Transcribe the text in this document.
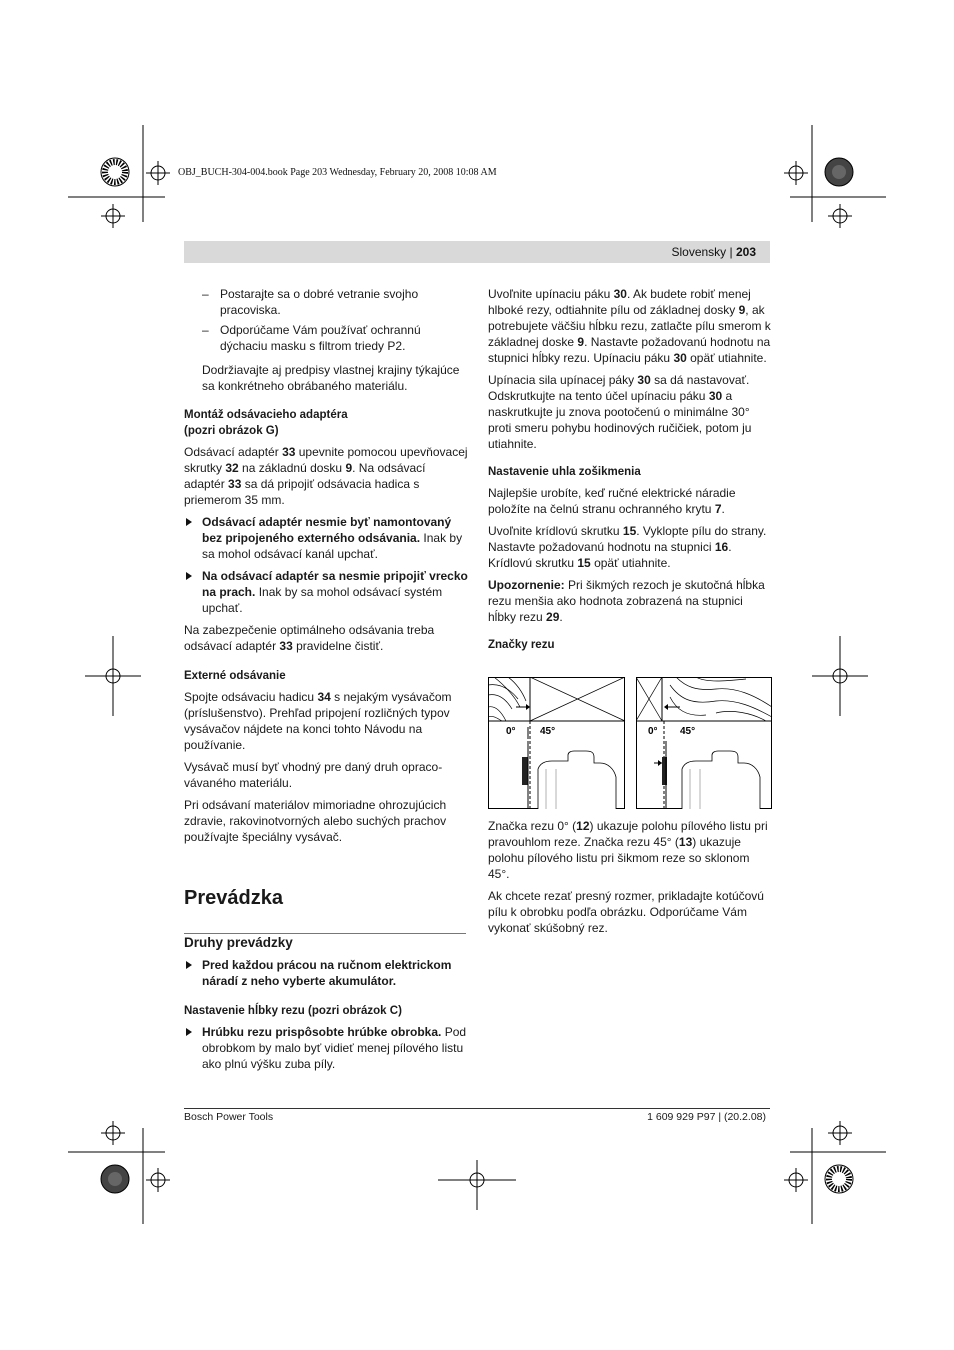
OBJ_BUCH-304-004.book Page 203 Wednesday, February 20, 2008 10:08 AM
Slovensky | 203
– Postarajte sa o dobré vetranie svojho pracoviska.
– Odporúčame Vám používať ochrannú dýchaciu masku s filtrom triedy P2.

Dodržiavajte aj predpisy vlastnej krajiny týkajúce sa konkrétneho obrábaného materiálu.

Montáž odsávacieho adaptéra
(pozri obrázok G)

Odsávací adaptér 33 upevnite pomocou upevňovacej skrutky 32 na základnú dosku 9. Na odsávací adaptér 33 sa dá pripojiť odsávacia hadica s priemerom 35 mm.

Odsávací adaptér nesmie byť namontovaný bez pripojeného externého odsávania. Inak by sa mohol odsávací kanál upchať.
Na odsávací adaptér sa nesmie pripojiť vrecko na prach. Inak by sa mohol odsávací systém upchať.

Na zabezpečenie optimálneho odsávania treba odsávací adaptér 33 pravidelne čistiť.

Externé odsávanie

Spojte odsávaciu hadicu 34 s nejakým vysávačom (príslušenstvo). Prehľad pripojení rozličných typov vysávačov nájdete na konci tohto Návodu na používanie.

Vysávač musí byť vhodný pre daný druh opracovávaného materiálu.

Pri odsávaní materiálov mimoriadne ohrozujúcich zdravie, rakovinotvorných alebo suchých prachov používajte špeciálny vysávač.

Prevádzka
Druhy prevádzky
Pred každou prácou na ručnom elektrickom náradí z neho vyberte akumulátor.
Nastavenie hĺbky rezu (pozri obrázok C)
Hrúbku rezu prispôsobte hrúbke obrobka. Pod obrobkom by malo byť vidieť menej pílového listu ako plnú výšku zuba píly.

Uvoľnite upínaciu páku 30. Ak budete robiť menej hlboké rezy, odtiahnite pílu od základnej dosky 9, ak potrebujete väčšiu hĺbku rezu, zatlačte pílu smerom k základnej doske 9. Nastavte požadovanú hodnotu na stupnici hĺbky rezu. Upínaciu páku 30 opäť utiahnite.

Upínacia sila upínacej páky 30 sa dá nastavovať. Odskrutkujte na tento účel upínaciu páku 30 a naskrutkujte ju znova pootočenú o minimálne 30° proti smeru pohybu hodinových ručičiek, potom ju utiahnite.

Nastavenie uhla zošikmenia

Najlepšie urobíte, keď ručné elektrické náradie položíte na čelnú stranu ochranného krytu 7.

Uvoľnite krídlovú skrutku 15. Vyklopte pílu do strany. Nastavte požadovanú hodnotu na stupnici 16. Krídlovú skrutku 15 opäť utiahnite.

Upozornenie: Pri šikmých rezoch je skutočná hĺbka rezu menšia ako hodnota zobrazená na stupnici hĺbky rezu 29.

Značky rezu
0° 45°	0° 45°

Značka rezu 0° (12) ukazuje polohu pílového listu pri pravouhlom reze. Značka rezu 45° (13) ukazuje polohu pílového listu pri šikmom reze so sklonom 45°.

Ak chcete rezať presný rozmer, prikladajte kotúčovú pílu k obrobku podľa obrázku. Odporúčame Vám vykonať skúšobný rez.

Bosch Power Tools	1 609 929 P97 | (20.2.08)
